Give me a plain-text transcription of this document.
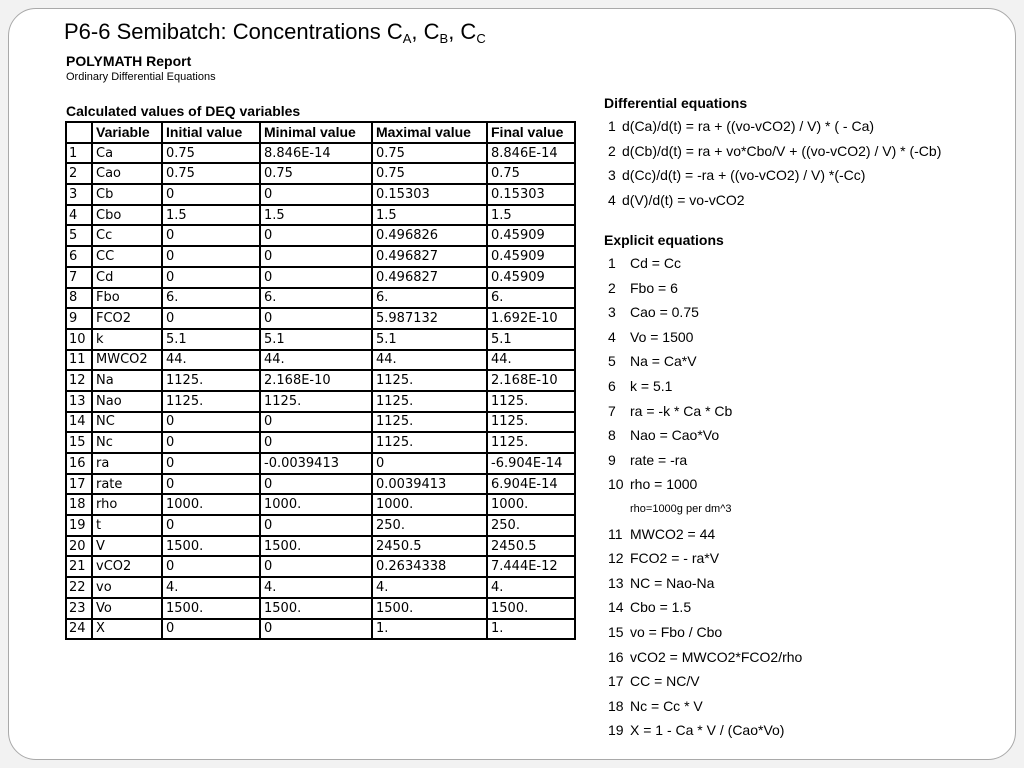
P6-6 Semibatch: Concentrations $C_A$, $C_B$, $C_C$
POLYMATH Report
Ordinary Differential Equations
Calculated values of DEQ variables
	Variable	Initial value	Minimal value	Maximal value	Final value
1	Ca	0.75	8.846E-14	0.75	8.846E-14
2	Cao	0.75	0.75	0.75	0.75
3	Cb	0	0	0.15303	0.15303
4	Cbo	1.5	1.5	1.5	1.5
5	Cc	0	0	0.496826	0.45909
6	CC	0	0	0.496827	0.45909
7	Cd	0	0	0.496827	0.45909
8	Fbo	6.	6.	6.	6.
9	FCO2	0	0	5.987132	1.692E-10
10	k	5.1	5.1	5.1	5.1
11	MWCO2	44.	44.	44.	44.
12	Na	1125.	2.168E-10	1125.	2.168E-10
13	Nao	1125.	1125.	1125.	1125.
14	NC	0	0	1125.	1125.
15	Nc	0	0	1125.	1125.
16	ra	0	-0.0039413	0	-6.904E-14
17	rate	0	0	0.0039413	6.904E-14
18	rho	1000.	1000.	1000.	1000.
19	t	0	0	250.	250.
20	V	1500.	1500.	2450.5	2450.5
21	vCO2	0	0	0.2634338	7.444E-12
22	vo	4.	4.	4.	4.
23	Vo	1500.	1500.	1500.	1500.
24	X	0	0	1.	1.
Differential equations
1 d(Ca)/d(t) = ra + ((vo-vCO2) / V) * ( - Ca)
2 d(Cb)/d(t) = ra + vo*Cbo/V + ((vo-vCO2) / V) * (-Cb)
3 d(Cc)/d(t) = -ra + ((vo-vCO2) / V) *(-Cc)
4 d(V)/d(t) = vo-vCO2
Explicit equations
1 Cd = Cc
2 Fbo = 6
3 Cao = 0.75
4 Vo = 1500
5 Na = Ca*V
6 k = 5.1
7 ra = -k * Ca * Cb
8 Nao = Cao*Vo
9 rate = -ra
10 rho = 1000
rho=1000g per dm^3
11 MWCO2 = 44
12 FCO2 = - ra*V
13 NC = Nao-Na
14 Cbo = 1.5
15 vo = Fbo / Cbo
16 vCO2 = MWCO2*FCO2/rho
17 CC = NC/V
18 Nc = Cc * V
19 X = 1 - Ca * V / (Cao*Vo)
